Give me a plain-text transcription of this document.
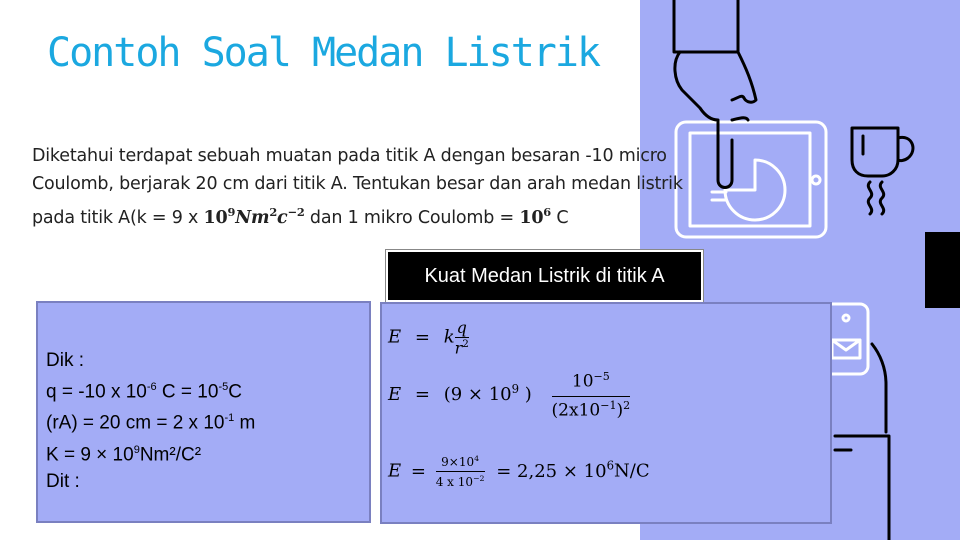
Contoh Soal Medan Listrik
Diketahui terdapat sebuah muatan pada titik A dengan besaran -10 micro
Coulomb, berjarak 20 cm dari titik A. Tentukan besar dan arah medan listrik
pada titik A(k = 9 x $10^9Nm^2c^{-2}$ dan 1 mikro Coulomb = $10^6$ C
Kuat Medan Listrik di titik A
Dik :
q = -10 x $10^{-6}$ $C = 10^{-5}C$
(rA) = 20 cm = 2 x $10^{-1}$ m
$K = 9 \times 10^9Nm^2/C^2$
Dit :
E = k $\frac{q}{r^2}$
$E = (9 \times 10^9$ ) $\frac{10^{-5}}{(2x10^{-1})^2}$
$E = \frac{9\times 10^4}{4 x 10^{-2}} = 2,25 \times 10^6N/C$
